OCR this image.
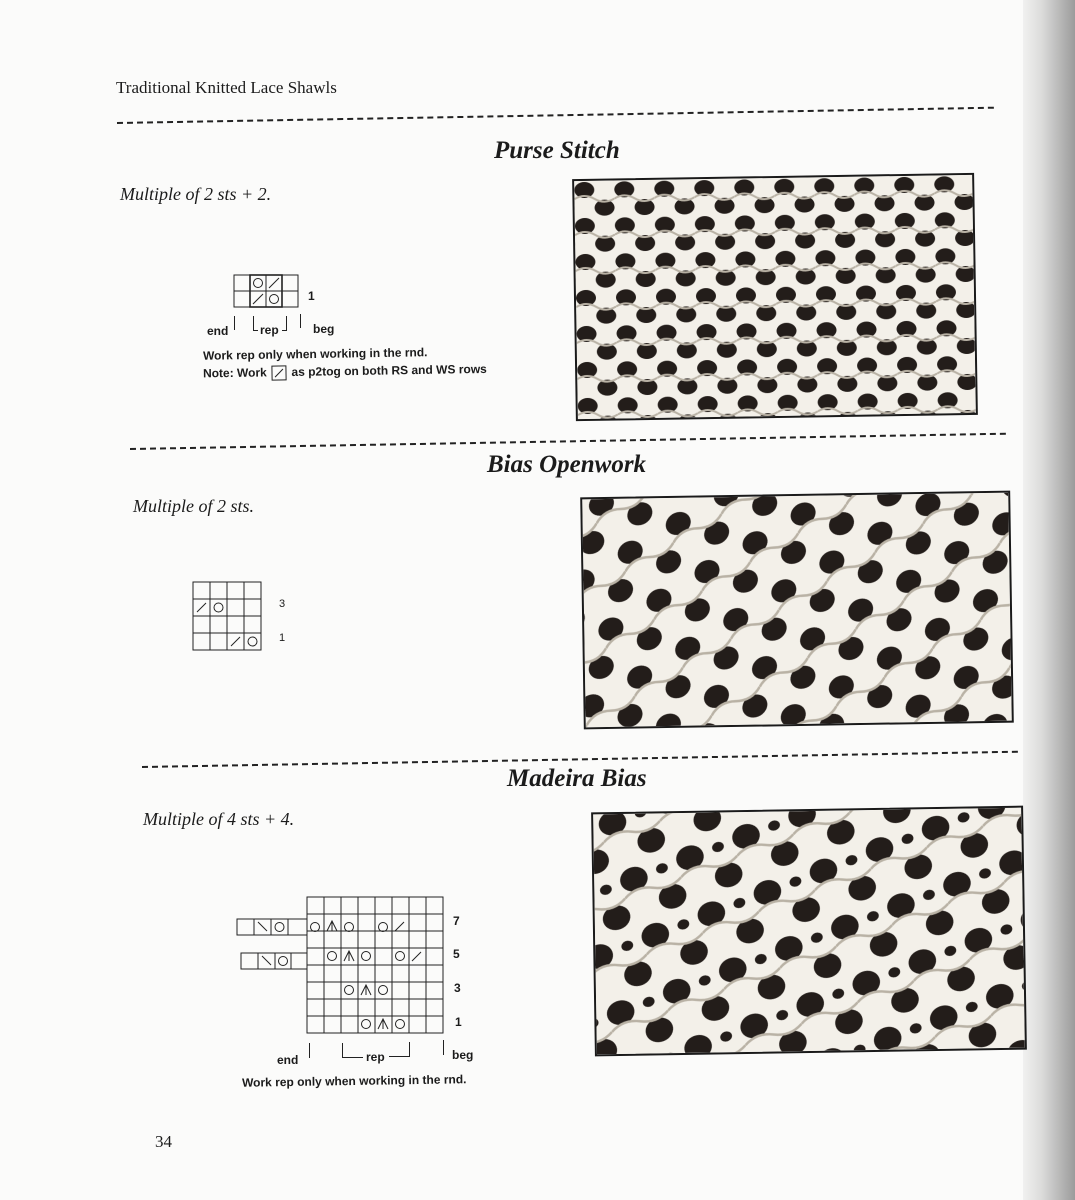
Traditional Knitted Lace Shawls
Purse Stitch
Multiple of 2 sts + 2.
1
end	rep	beg
Work rep only when working in the rnd.
Note: Work as p2tog on both RS and WS rows
Bias Openwork
Multiple of 2 sts.
3
1
Madeira Bias
Multiple of 4 sts + 4.
7
5
3
1
end	rep	beg
Work rep only when working in the rnd.
34
